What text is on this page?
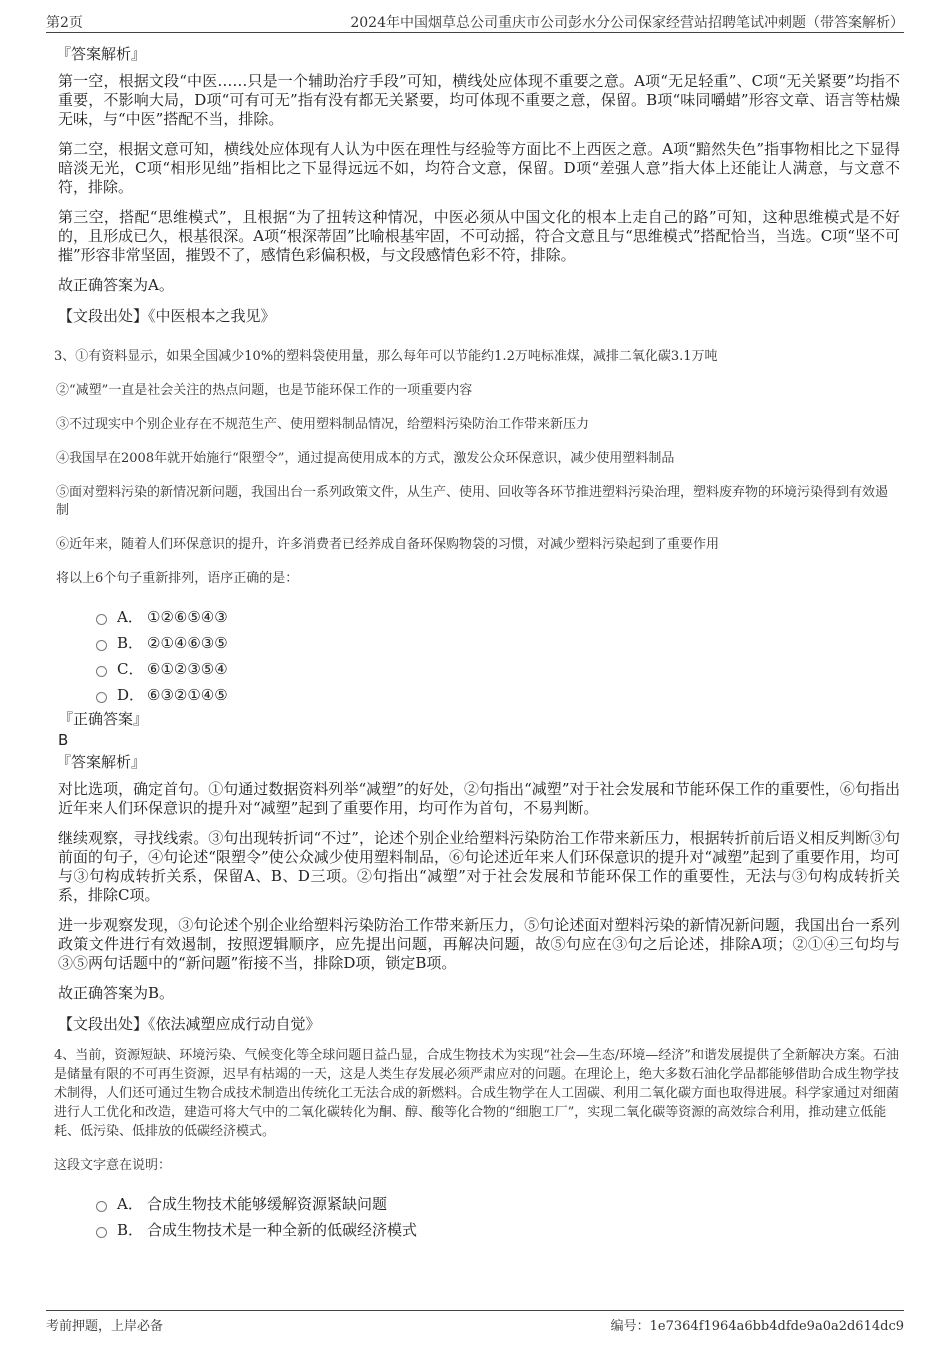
第2页	2024年中国烟草总公司重庆市公司彭水分公司保家经营站招聘笔试冲刺题（带答案解析）
『答案解析』

第一空，根据文段“中医……只是一个辅助治疗手段”可知，横线处应体现不重要之意。A项“无足轻重”、C项“无关紧要”均指不重要，不影响大局，D项“可有可无”指有没有都无关紧要，均可体现不重要之意，保留。B项“味同嚼蜡”形容文章、语言等枯燥无味，与“中医”搭配不当，排除。

第二空，根据文意可知，横线处应体现有人认为中医在理性与经验等方面比不上西医之意。A项“黯然失色”指事物相比之下显得暗淡无光，C项“相形见绌”指相比之下显得远远不如，均符合文意，保留。D项“差强人意”指大体上还能让人满意，与文意不符，排除。

第三空，搭配“思维模式”，且根据“为了扭转这种情况，中医必须从中国文化的根本上走自己的路”可知，这种思维模式是不好的，且形成已久，根基很深。A项“根深蒂固”比喻根基牢固，不可动摇，符合文意且与“思维模式”搭配恰当，当选。C项“坚不可摧”形容非常坚固，摧毁不了，感情色彩偏积极，与文段感情色彩不符，排除。

故正确答案为A。

【文段出处】《中医根本之我见》
3、①有资料显示，如果全国减少10%的塑料袋使用量，那么每年可以节能约1.2万吨标准煤，减排二氧化碳3.1万吨
②“减塑”一直是社会关注的热点问题，也是节能环保工作的一项重要内容
③不过现实中个别企业存在不规范生产、使用塑料制品情况，给塑料污染防治工作带来新压力
④我国早在2008年就开始施行“限塑令”，通过提高使用成本的方式，激发公众环保意识，减少使用塑料制品
⑤面对塑料污染的新情况新问题，我国出台一系列政策文件，从生产、使用、回收等各环节推进塑料污染治理，塑料废弃物的环境污染得到有效遏制
⑥近年来，随着人们环保意识的提升，许多消费者已经养成自备环保购物袋的习惯，对减少塑料污染起到了重要作用
将以上6个句子重新排列，语序正确的是：
A． ①②⑥⑤④③
B． ②①④⑥③⑤
C． ⑥①②③⑤④
D． ⑥③②①④⑤
『正确答案』
B
『答案解析』

对比选项，确定首句。①句通过数据资料列举“减塑”的好处，②句指出“减塑”对于社会发展和节能环保工作的重要性，⑥句指出近年来人们环保意识的提升对“减塑”起到了重要作用，均可作为首句，不易判断。

继续观察，寻找线索。③句出现转折词“不过”，论述个别企业给塑料污染防治工作带来新压力，根据转折前后语义相反判断③句前面的句子，④句论述“限塑令”使公众减少使用塑料制品，⑥句论述近年来人们环保意识的提升对“减塑”起到了重要作用，均可与③句构成转折关系，保留A、B、D三项。②句指出“减塑”对于社会发展和节能环保工作的重要性，无法与③句构成转折关系，排除C项。

进一步观察发现，③句论述个别企业给塑料污染防治工作带来新压力，⑤句论述面对塑料污染的新情况新问题，我国出台一系列政策文件进行有效遏制，按照逻辑顺序，应先提出问题，再解决问题，故⑤句应在③句之后论述，排除A项；②①④三句均与③⑤两句话题中的“新问题”衔接不当，排除D项，锁定B项。

故正确答案为B。

【文段出处】《依法减塑应成行动自觉》
4、当前，资源短缺、环境污染、气候变化等全球问题日益凸显，合成生物技术为实现“社会—生态/环境—经济”和谐发展提供了全新解决方案。石油是储量有限的不可再生资源，迟早有枯竭的一天，这是人类生存发展必须严肃应对的问题。在理论上，绝大多数石油化学品都能够借助合成生物学技术制得，人们还可通过生物合成技术制造出传统化工无法合成的新燃料。合成生物学在人工固碳、利用二氧化碳方面也取得进展。科学家通过对细菌进行人工优化和改造，建造可将大气中的二氧化碳转化为酮、醇、酸等化合物的“细胞工厂”，实现二氧化碳等资源的高效综合利用，推动建立低能耗、低污染、低排放的低碳经济模式。
这段文字意在说明：
A． 合成生物技术能够缓解资源紧缺问题
B． 合成生物技术是一种全新的低碳经济模式
考前押题，上岸必备	编号：1e7364f1964a6bb4dfde9a0a2d614dc9
